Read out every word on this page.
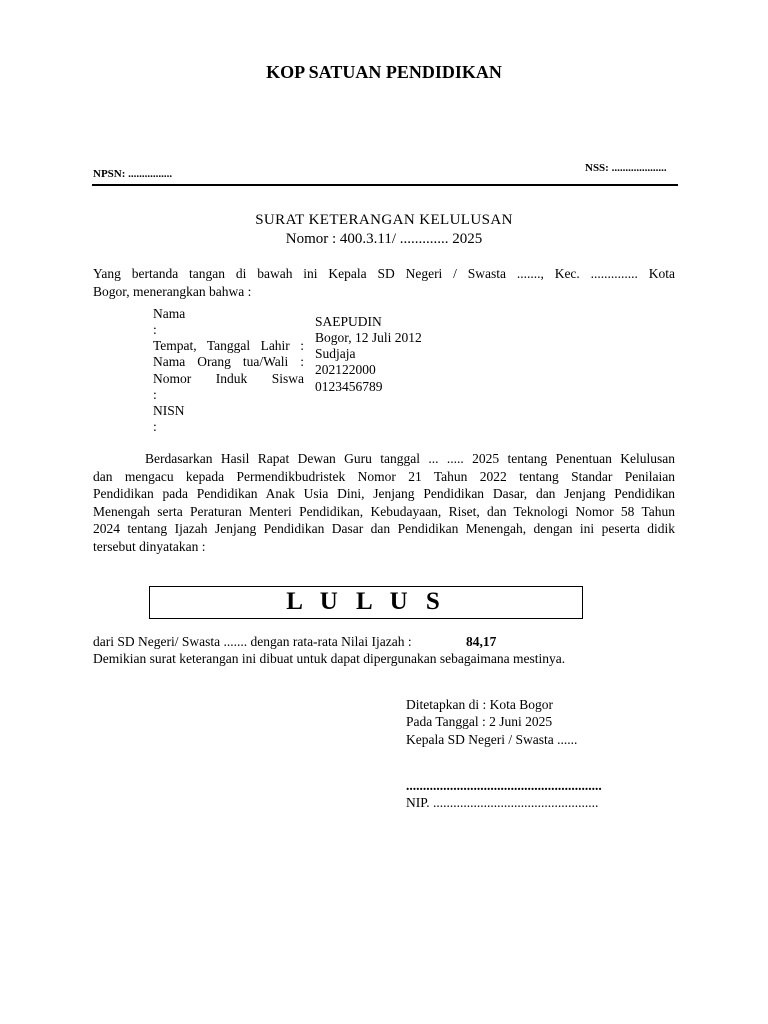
KOP SATUAN PENDIDIKAN
NPSN: ................	NSS: ....................
SURAT KETERANGAN KELULUSAN
Nomor : 400.3.11/ ............. 2025
Yang bertanda tangan di bawah ini Kepala SD Negeri / Swasta ......., Kec. .............. Kota
Bogor, menerangkan bahwa :
Nama
:
Tempat, Tanggal Lahir :
Nama Orang tua/Wali :
Nomor Induk Siswa
:
NISN
:
SAEPUDIN
Bogor, 12 Juli 2012
Sudjaja
202122000
0123456789
Berdasarkan Hasil Rapat Dewan Guru tanggal ... ..... 2025 tentang Penentuan Kelulusan
dan mengacu kepada Permendikbudristek Nomor 21 Tahun 2022 tentang Standar Penilaian
Pendidikan pada Pendidikan Anak Usia Dini, Jenjang Pendidikan Dasar, dan Jenjang Pendidikan
Menengah serta Peraturan Menteri Pendidikan, Kebudayaan, Riset, dan Teknologi Nomor 58 Tahun
2024 tentang Ijazah Jenjang Pendidikan Dasar dan Pendidikan Menengah, dengan ini peserta didik
tersebut dinyatakan :
L U L U S
dari SD Negeri/ Swasta ....... dengan rata-rata Nilai Ijazah :	84,17
Demikian surat keterangan ini dibuat untuk dapat dipergunakan sebagaimana mestinya.
Ditetapkan di : Kota Bogor
Pada Tanggal : 2 Juni 2025
Kepala SD Negeri / Swasta ......
..........................................................
NIP. .................................................
